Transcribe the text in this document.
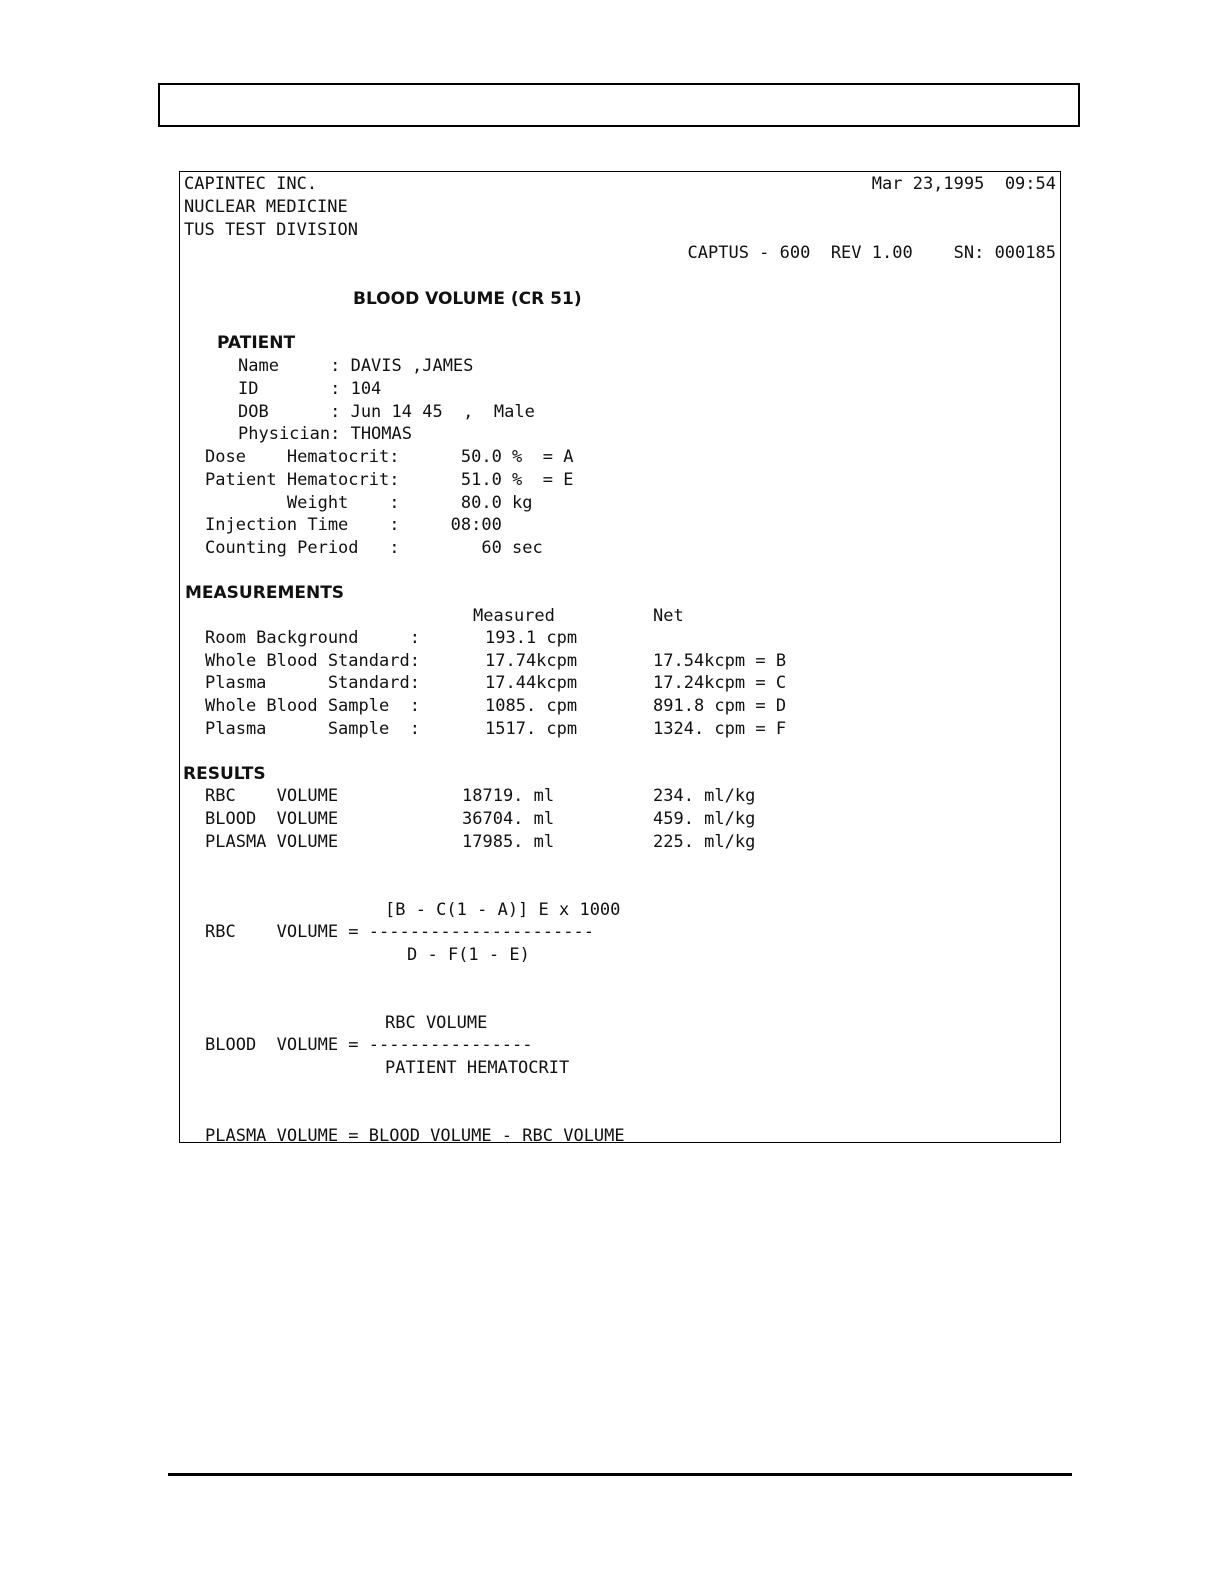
CAPINTEC INC.
NUCLEAR MEDICINE
TUS TEST DIVISION
Mar 23,1995  09:54
CAPTUS - 600  REV 1.00    SN: 000185
BLOOD VOLUME (CR 51)
PATIENT
Name     : DAVIS ,JAMES
ID       : 104
DOB      : Jun 14 45  ,  Male
Physician: THOMAS
Dose    Hematocrit:      50.0 %  = A
Patient Hematocrit:      51.0 %  = E
Weight    :      80.0 kg
Injection Time    :     08:00
Counting Period   :        60 sec
MEASUREMENTS
Measured	Net
Room Background     :	193.1 cpm
Whole Blood Standard:	17.74kcpm	17.54kcpm = B
Plasma      Standard:	17.44kcpm	17.24kcpm = C
Whole Blood Sample  :	1085. cpm	891.8 cpm = D
Plasma      Sample  :	1517. cpm	1324. cpm = F
RESULTS
RBC    VOLUME	18719. ml	234. ml/kg
BLOOD  VOLUME	36704. ml	459. ml/kg
PLASMA VOLUME	17985. ml	225. ml/kg
[B - C(1 - A)] E x 1000
RBC    VOLUME = ----------------------
D - F(1 - E)
RBC VOLUME
BLOOD  VOLUME = ----------------
PATIENT HEMATOCRIT
PLASMA VOLUME = BLOOD VOLUME - RBC VOLUME
